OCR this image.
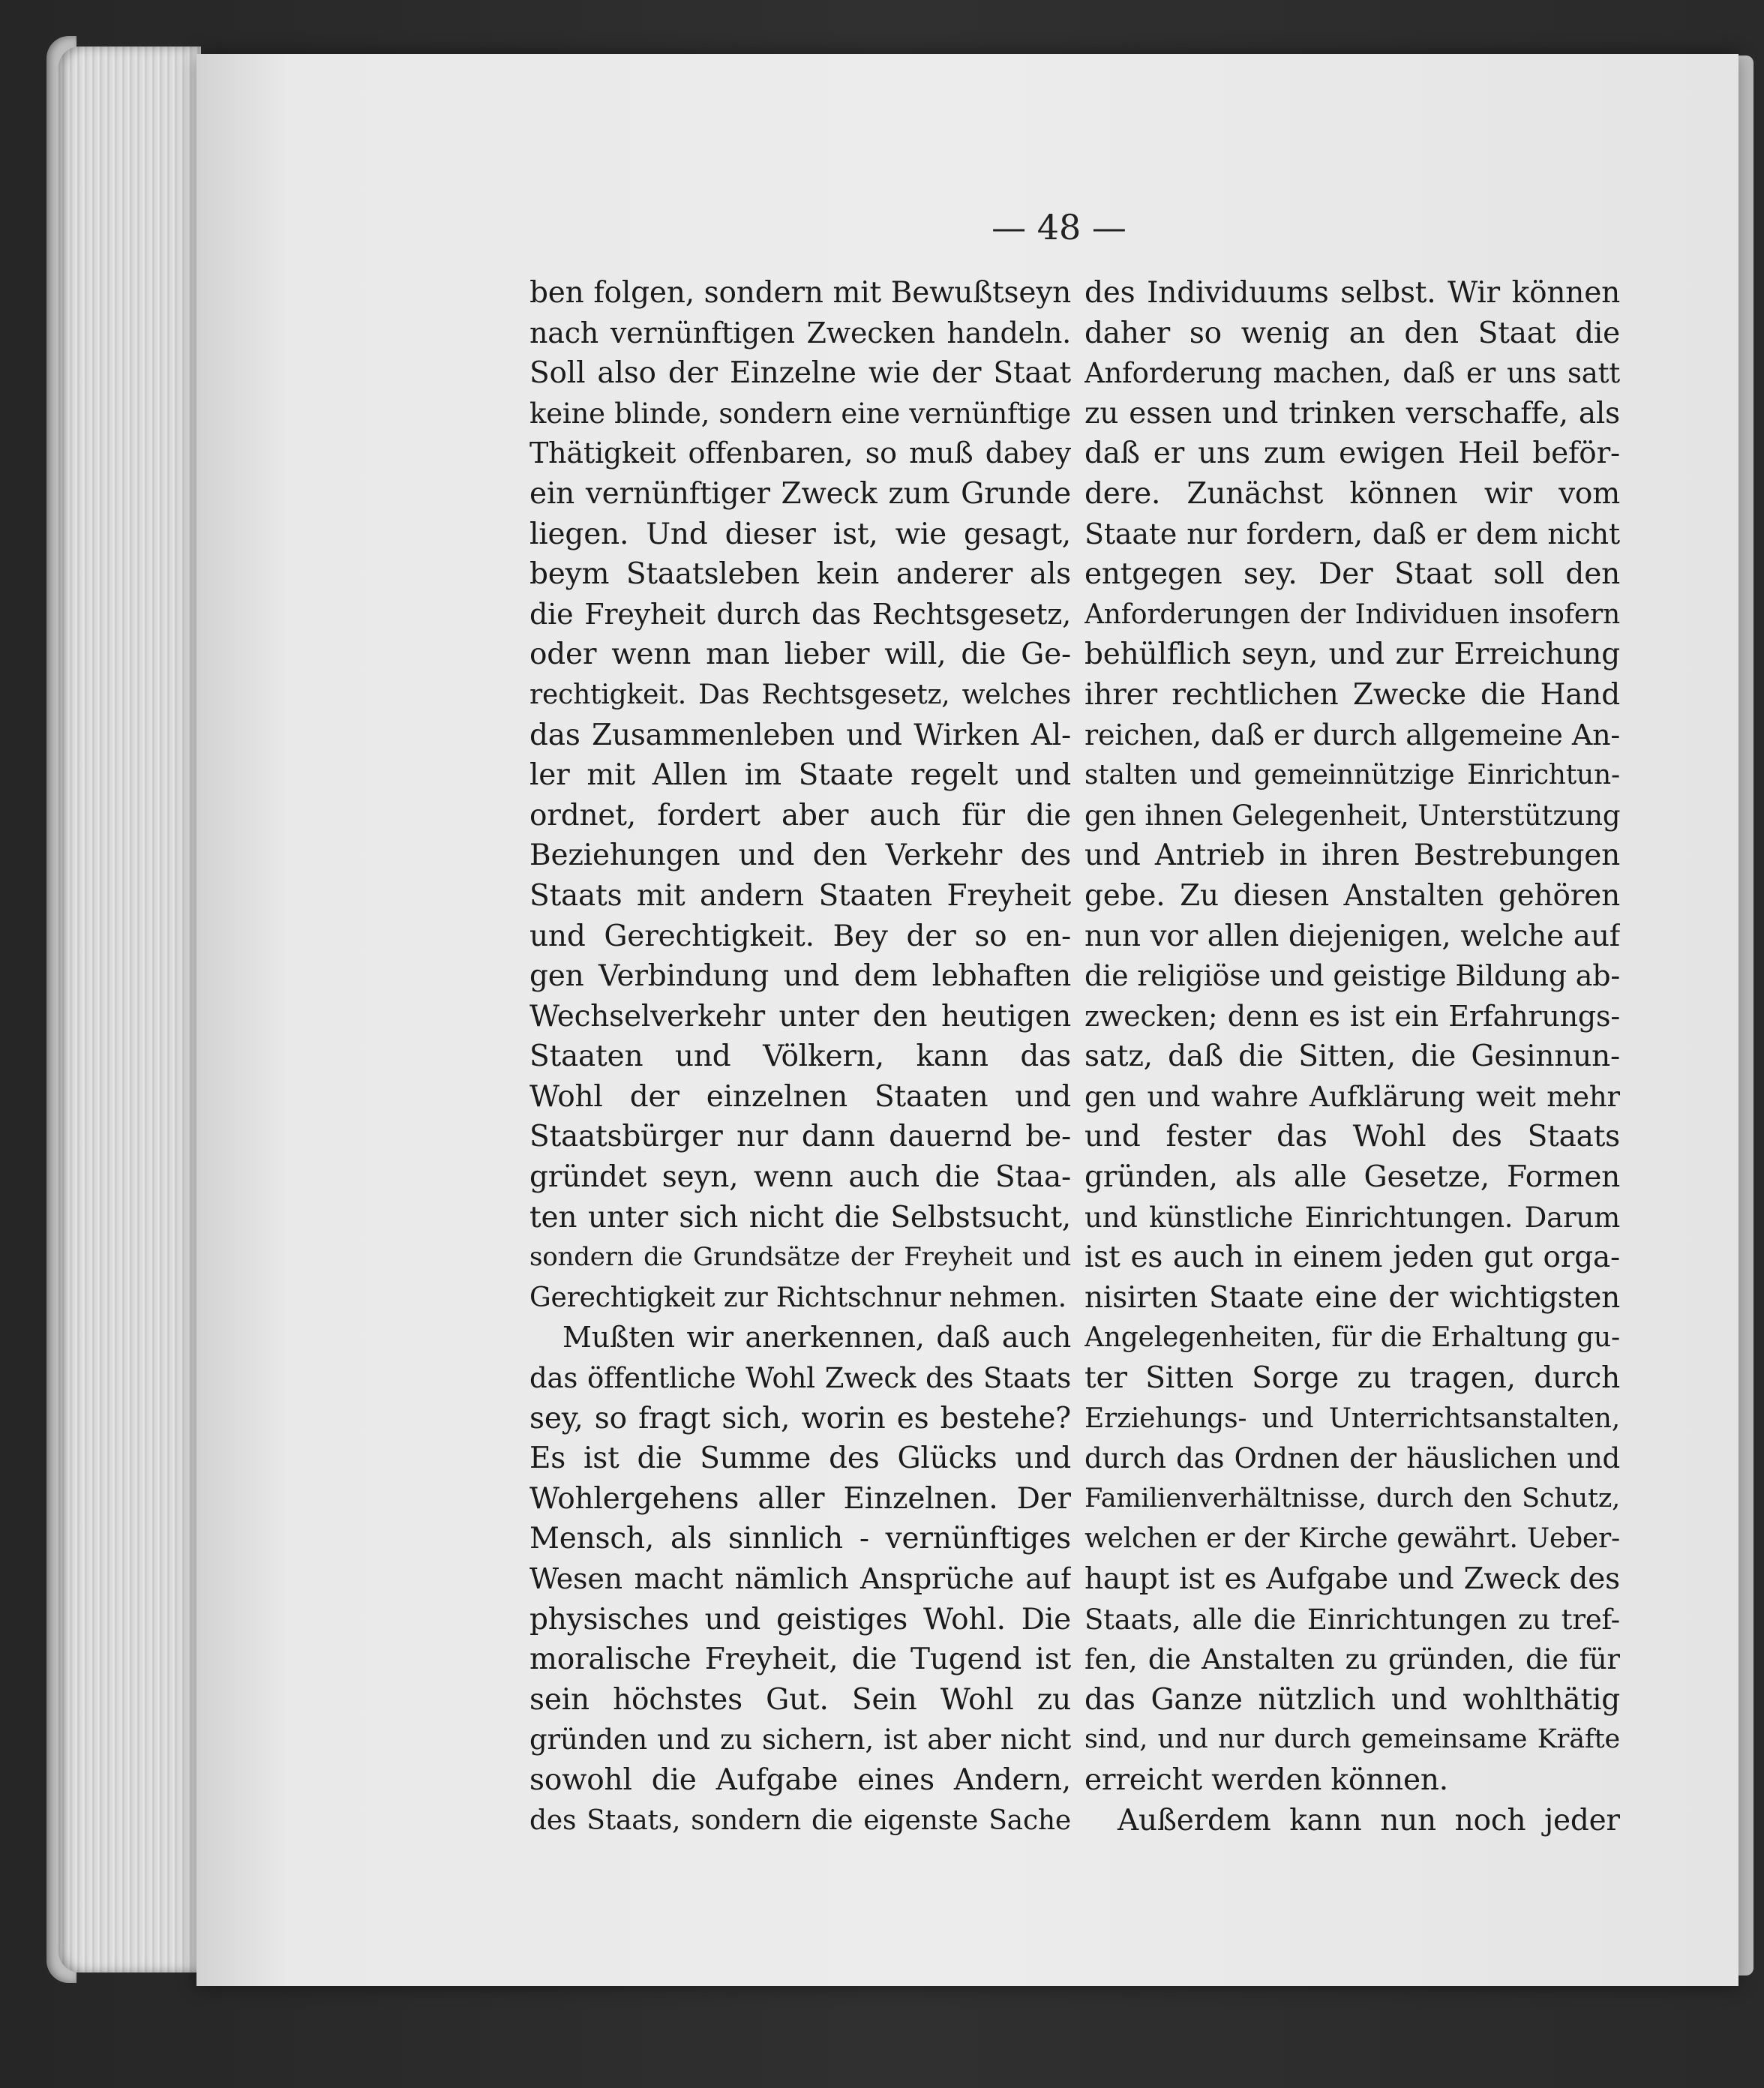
— 48 —
ben folgen, sondern mit Bewußtseyn
nach vernünftigen Zwecken handeln.
Soll also der Einzelne wie der Staat
keine blinde, sondern eine vernünftige
Thätigkeit offenbaren, so muß dabey
ein vernünftiger Zweck zum Grunde
liegen. Und dieser ist, wie gesagt,
beym Staatsleben kein anderer als
die Freyheit durch das Rechtsgesetz,
oder wenn man lieber will, die Ge-
rechtigkeit. Das Rechtsgesetz, welches
das Zusammenleben und Wirken Al-
ler mit Allen im Staate regelt und
ordnet, fordert aber auch für die
Beziehungen und den Verkehr des
Staats mit andern Staaten Freyheit
und Gerechtigkeit. Bey der so en-
gen Verbindung und dem lebhaften
Wechselverkehr unter den heutigen
Staaten und Völkern, kann das
Wohl der einzelnen Staaten und
Staatsbürger nur dann dauernd be-
gründet seyn, wenn auch die Staa-
ten unter sich nicht die Selbstsucht,
sondern die Grundsätze der Freyheit und
Gerechtigkeit zur Richtschnur nehmen.
Mußten wir anerkennen, daß auch
das öffentliche Wohl Zweck des Staats
sey, so fragt sich, worin es bestehe?
Es ist die Summe des Glücks und
Wohlergehens aller Einzelnen. Der
Mensch, als sinnlich - vernünftiges
Wesen macht nämlich Ansprüche auf
physisches und geistiges Wohl. Die
moralische Freyheit, die Tugend ist
sein höchstes Gut. Sein Wohl zu
gründen und zu sichern, ist aber nicht
sowohl die Aufgabe eines Andern,
des Staats, sondern die eigenste Sache
des Individuums selbst. Wir können
daher so wenig an den Staat die
Anforderung machen, daß er uns satt
zu essen und trinken verschaffe, als
daß er uns zum ewigen Heil beför-
dere. Zunächst können wir vom
Staate nur fordern, daß er dem nicht
entgegen sey. Der Staat soll den
Anforderungen der Individuen insofern
behülflich seyn, und zur Erreichung
ihrer rechtlichen Zwecke die Hand
reichen, daß er durch allgemeine An-
stalten und gemeinnützige Einrichtun-
gen ihnen Gelegenheit, Unterstützung
und Antrieb in ihren Bestrebungen
gebe. Zu diesen Anstalten gehören
nun vor allen diejenigen, welche auf
die religiöse und geistige Bildung ab-
zwecken; denn es ist ein Erfahrungs-
satz, daß die Sitten, die Gesinnun-
gen und wahre Aufklärung weit mehr
und fester das Wohl des Staats
gründen, als alle Gesetze, Formen
und künstliche Einrichtungen. Darum
ist es auch in einem jeden gut orga-
nisirten Staate eine der wichtigsten
Angelegenheiten, für die Erhaltung gu-
ter Sitten Sorge zu tragen, durch
Erziehungs- und Unterrichtsanstalten,
durch das Ordnen der häuslichen und
Familienverhältnisse, durch den Schutz,
welchen er der Kirche gewährt. Ueber-
haupt ist es Aufgabe und Zweck des
Staats, alle die Einrichtungen zu tref-
fen, die Anstalten zu gründen, die für
das Ganze nützlich und wohlthätig
sind, und nur durch gemeinsame Kräfte
erreicht werden können.
Außerdem kann nun noch jeder
